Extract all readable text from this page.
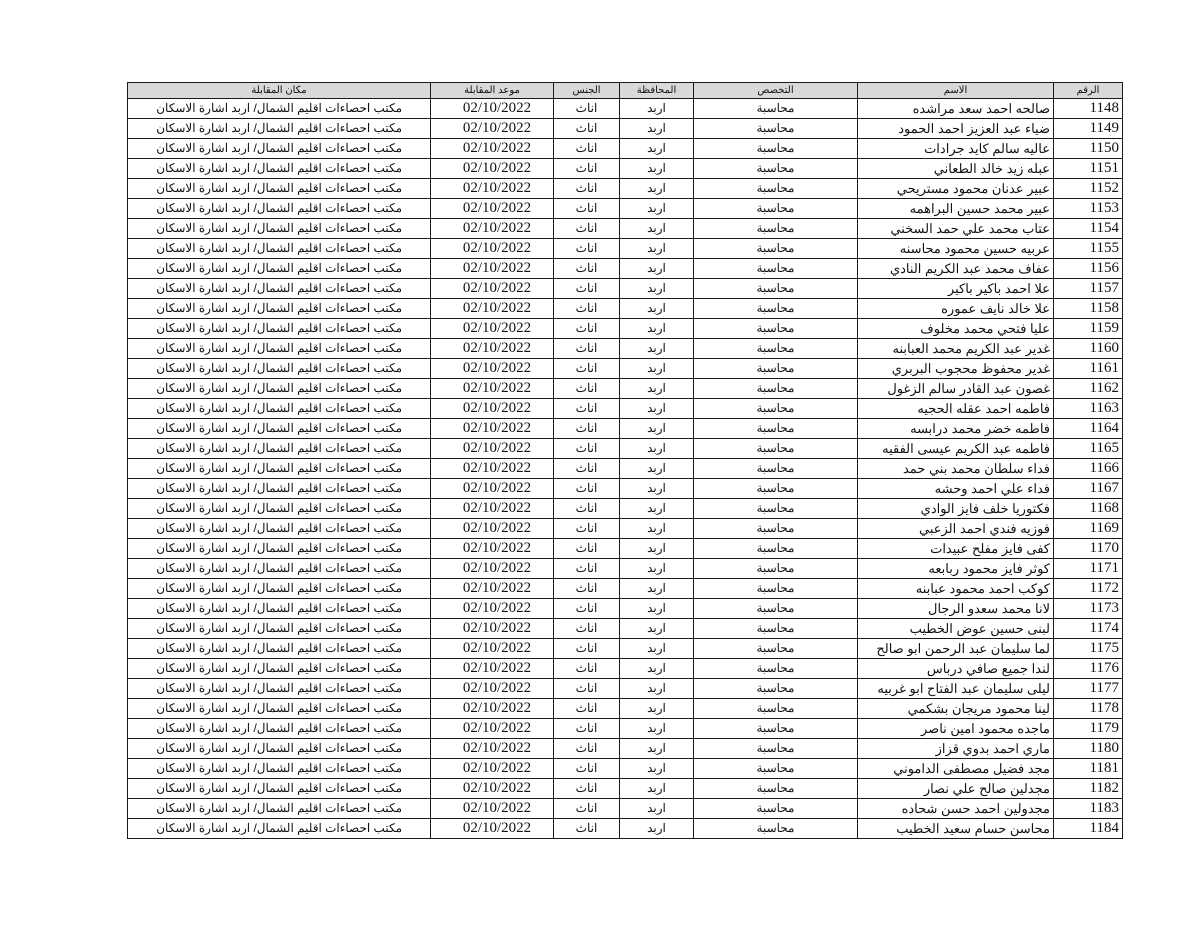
مكان المقابلة	موعد المقابلة	الجنس	المحافظة	التخصص	الاسم	الرقم
مكتب احصاءات اقليم الشمال/ اربد اشارة الاسكان	02/10/2022	اناث	اربد	محاسبة	صالحه احمد سعد مراشده	1148
مكتب احصاءات اقليم الشمال/ اربد اشارة الاسكان	02/10/2022	اناث	اربد	محاسبة	ضياء عبد العزيز احمد الحمود	1149
مكتب احصاءات اقليم الشمال/ اربد اشارة الاسكان	02/10/2022	اناث	اربد	محاسبة	عاليه سالم كايد جرادات	1150
مكتب احصاءات اقليم الشمال/ اربد اشارة الاسكان	02/10/2022	اناث	اربد	محاسبة	عبله زيد خالد الطعاني	1151
مكتب احصاءات اقليم الشمال/ اربد اشارة الاسكان	02/10/2022	اناث	اربد	محاسبة	عبير عدنان محمود مستريحي	1152
مكتب احصاءات اقليم الشمال/ اربد اشارة الاسكان	02/10/2022	اناث	اربد	محاسبة	عبير محمد حسين البراهمه	1153
مكتب احصاءات اقليم الشمال/ اربد اشارة الاسكان	02/10/2022	اناث	اربد	محاسبة	عتاب محمد علي حمد السخني	1154
مكتب احصاءات اقليم الشمال/ اربد اشارة الاسكان	02/10/2022	اناث	اربد	محاسبة	عربيه حسين محمود محاسنه	1155
مكتب احصاءات اقليم الشمال/ اربد اشارة الاسكان	02/10/2022	اناث	اربد	محاسبة	عفاف محمد عبد الكريم النادي	1156
مكتب احصاءات اقليم الشمال/ اربد اشارة الاسكان	02/10/2022	اناث	اربد	محاسبة	علا احمد باكير باكير	1157
مكتب احصاءات اقليم الشمال/ اربد اشارة الاسكان	02/10/2022	اناث	اربد	محاسبة	علا خالد نايف عموره	1158
مكتب احصاءات اقليم الشمال/ اربد اشارة الاسكان	02/10/2022	اناث	اربد	محاسبة	عليا فتحي محمد مخلوف	1159
مكتب احصاءات اقليم الشمال/ اربد اشارة الاسكان	02/10/2022	اناث	اربد	محاسبة	غدير عبد الكريم محمد العبابنه	1160
مكتب احصاءات اقليم الشمال/ اربد اشارة الاسكان	02/10/2022	اناث	اربد	محاسبة	غدير محفوظ محجوب البربري	1161
مكتب احصاءات اقليم الشمال/ اربد اشارة الاسكان	02/10/2022	اناث	اربد	محاسبة	غصون عبد القادر سالم الزغول	1162
مكتب احصاءات اقليم الشمال/ اربد اشارة الاسكان	02/10/2022	اناث	اربد	محاسبة	فاطمه احمد عقله الحجيه	1163
مكتب احصاءات اقليم الشمال/ اربد اشارة الاسكان	02/10/2022	اناث	اربد	محاسبة	فاطمه خضر محمد درابسه	1164
مكتب احصاءات اقليم الشمال/ اربد اشارة الاسكان	02/10/2022	اناث	اربد	محاسبة	فاطمه عبد الكريم عيسى الفقيه	1165
مكتب احصاءات اقليم الشمال/ اربد اشارة الاسكان	02/10/2022	اناث	اربد	محاسبة	فداء سلطان محمد بني حمد	1166
مكتب احصاءات اقليم الشمال/ اربد اشارة الاسكان	02/10/2022	اناث	اربد	محاسبة	فداء علي احمد وحشه	1167
مكتب احصاءات اقليم الشمال/ اربد اشارة الاسكان	02/10/2022	اناث	اربد	محاسبة	فكتوريا خلف فايز الوادي	1168
مكتب احصاءات اقليم الشمال/ اربد اشارة الاسكان	02/10/2022	اناث	اربد	محاسبة	فوزيه فندي احمد الزعبي	1169
مكتب احصاءات اقليم الشمال/ اربد اشارة الاسكان	02/10/2022	اناث	اربد	محاسبة	كفى فايز مفلح عبيدات	1170
مكتب احصاءات اقليم الشمال/ اربد اشارة الاسكان	02/10/2022	اناث	اربد	محاسبة	كوثر فايز محمود ربابعه	1171
مكتب احصاءات اقليم الشمال/ اربد اشارة الاسكان	02/10/2022	اناث	اربد	محاسبة	كوكب احمد محمود عبابنه	1172
مكتب احصاءات اقليم الشمال/ اربد اشارة الاسكان	02/10/2022	اناث	اربد	محاسبة	لانا محمد سعدو الرجال	1173
مكتب احصاءات اقليم الشمال/ اربد اشارة الاسكان	02/10/2022	اناث	اربد	محاسبة	لبنى حسين عوض الخطيب	1174
مكتب احصاءات اقليم الشمال/ اربد اشارة الاسكان	02/10/2022	اناث	اربد	محاسبة	لما سليمان عبد الرحمن ابو صالح	1175
مكتب احصاءات اقليم الشمال/ اربد اشارة الاسكان	02/10/2022	اناث	اربد	محاسبة	لندا جميع صافي درباس	1176
مكتب احصاءات اقليم الشمال/ اربد اشارة الاسكان	02/10/2022	اناث	اربد	محاسبة	ليلى سليمان عبد الفتاح ابو غربيه	1177
مكتب احصاءات اقليم الشمال/ اربد اشارة الاسكان	02/10/2022	اناث	اربد	محاسبة	لينا محمود مريجان بشكمي	1178
مكتب احصاءات اقليم الشمال/ اربد اشارة الاسكان	02/10/2022	اناث	اربد	محاسبة	ماجده محمود امين ناصر	1179
مكتب احصاءات اقليم الشمال/ اربد اشارة الاسكان	02/10/2022	اناث	اربد	محاسبة	ماري احمد بدوي قزاز	1180
مكتب احصاءات اقليم الشمال/ اربد اشارة الاسكان	02/10/2022	اناث	اربد	محاسبة	مجد فضيل مصطفى الداموني	1181
مكتب احصاءات اقليم الشمال/ اربد اشارة الاسكان	02/10/2022	اناث	اربد	محاسبة	مجدلين صالح علي نصار	1182
مكتب احصاءات اقليم الشمال/ اربد اشارة الاسكان	02/10/2022	اناث	اربد	محاسبة	مجدولين احمد حسن شحاده	1183
مكتب احصاءات اقليم الشمال/ اربد اشارة الاسكان	02/10/2022	اناث	اربد	محاسبة	محاسن حسام سعيد الخطيب	1184
